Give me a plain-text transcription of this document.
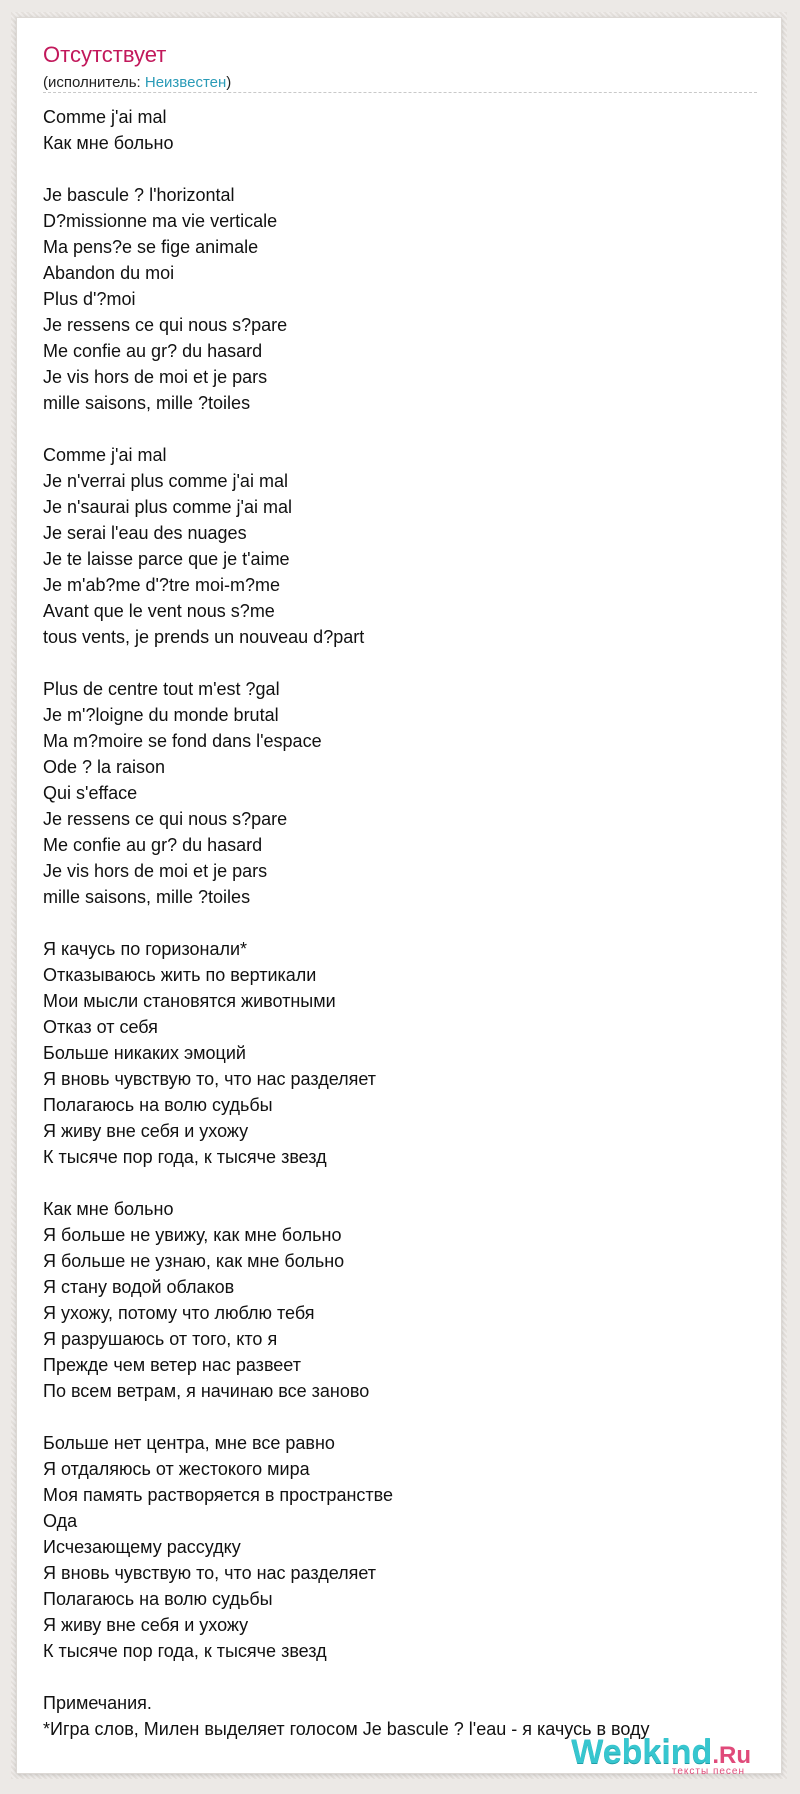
Отсутствует
(исполнитель: Неизвестен)
Comme j'ai mal
Как мне больно
Je bascule ? l'horizontal
D?missionne ma vie verticale
Ma pens?e se fige animale
Abandon du moi
Plus d'?moi
Je ressens ce qui nous s?pare
Me confie au gr? du hasard
Je vis hors de moi et je pars
mille saisons, mille ?toiles
Comme j'ai mal
Je n'verrai plus comme j'ai mal
Je n'saurai plus comme j'ai mal
Je serai l'eau des nuages
Je te laisse parce que je t'aime
Je m'ab?me d'?tre moi-m?me
Avant que le vent nous s?me
tous vents, je prends un nouveau d?part
Plus de centre tout m'est ?gal
Je m'?loigne du monde brutal
Ma m?moire se fond dans l'espace
Ode ? la raison
Qui s'efface
Je ressens ce qui nous s?pare
Me confie au gr? du hasard
Je vis hors de moi et je pars
mille saisons, mille ?toiles
Я качусь по горизонали*
Отказываюсь жить по вертикали
Мои мысли становятся животными
Отказ от себя
Больше никаких эмоций
Я вновь чувствую то, что нас разделяет
Полагаюсь на волю судьбы
Я живу вне себя и ухожу
К тысяче пор года, к тысяче звезд
Как мне больно
Я больше не увижу, как мне больно
Я больше не узнаю, как мне больно
Я стану водой облаков
Я ухожу, потому что люблю тебя
Я разрушаюсь от того, кто я
Прежде чем ветер нас развеет
По всем ветрам, я начинаю все заново
Больше нет центра, мне все равно
Я отдаляюсь от жестокого мира
Моя память растворяется в пространстве
Ода
Исчезающему рассудку
Я вновь чувствую то, что нас разделяет
Полагаюсь на волю судьбы
Я живу вне себя и ухожу
К тысяче пор года, к тысяче звезд
Примечания.
*Игра слов, Милен выделяет голосом Je bascule ? l'eau - я качусь в воду
Webkind.Ru
тексты песен
